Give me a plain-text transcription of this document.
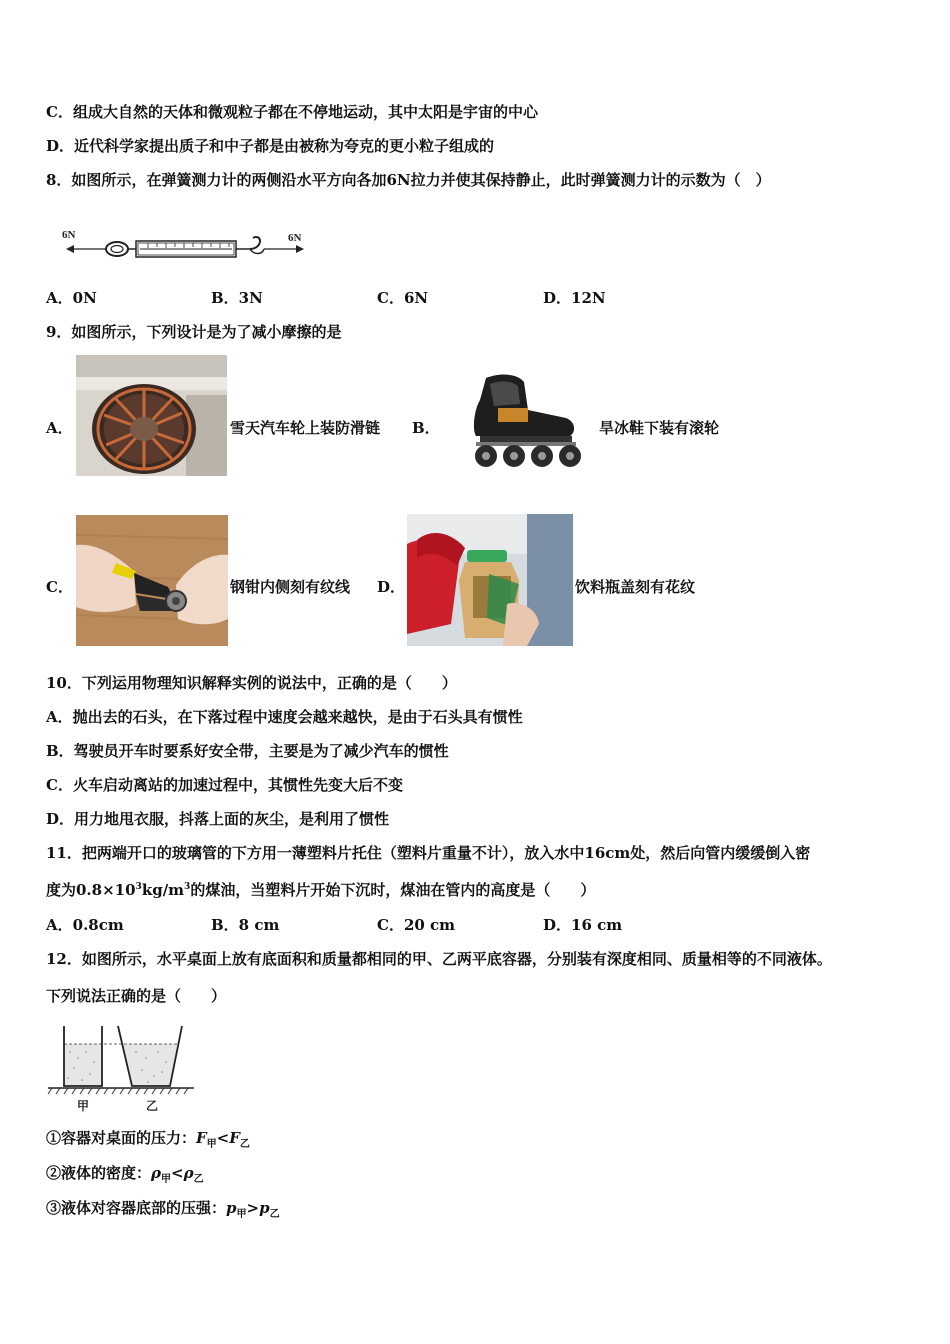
C．组成大自然的天体和微观粒子都在不停地运动，其中太阳是宇宙的中心
D．近代科学家提出质子和中子都是由被称为夸克的更小粒子组成的
8．如图所示，在弹簧测力计的两侧沿水平方向各加6N拉力并使其保持静止，此时弹簧测力计的示数为（　）
6N	6N
A．0N	B．3N	C．6N	D．12N
9．如图所示，下列设计是为了减小摩擦的是
A．	雪天汽车轮上装防滑链 B．	旱冰鞋下装有滚轮
C．	钢钳内侧刻有纹线 D．	饮料瓶盖刻有花纹
10．下列运用物理知识解释实例的说法中，正确的是（　　）
A．抛出去的石头，在下落过程中速度会越来越快，是由于石头具有惯性
B．驾驶员开车时要系好安全带，主要是为了减少汽车的惯性
C．火车启动离站的加速过程中，其惯性先变大后不变
D．用力地甩衣服，抖落上面的灰尘，是利用了惯性
11．把两端开口的玻璃管的下方用一薄塑料片托住（塑料片重量不计），放入水中16cm处，然后向管内缓缓倒入密
度为$0.8\times 10^3kg/m^3$的煤油，当塑料片开始下沉时，煤油在管内的高度是（　　）
A．0.8cm	B．8 cm	C．20 cm	D．16 cm
12．如图所示，水平桌面上放有底面积和质量都相同的甲、乙两平底容器，分别装有深度相同、质量相等的不同液体。
下列说法正确的是（　　）
甲	乙
①容器对桌面的压力：$F_甲<F_乙$
②液体的密度：$\rho_甲<\rho_乙$
③液体对容器底部的压强：$p_甲>p_乙$
